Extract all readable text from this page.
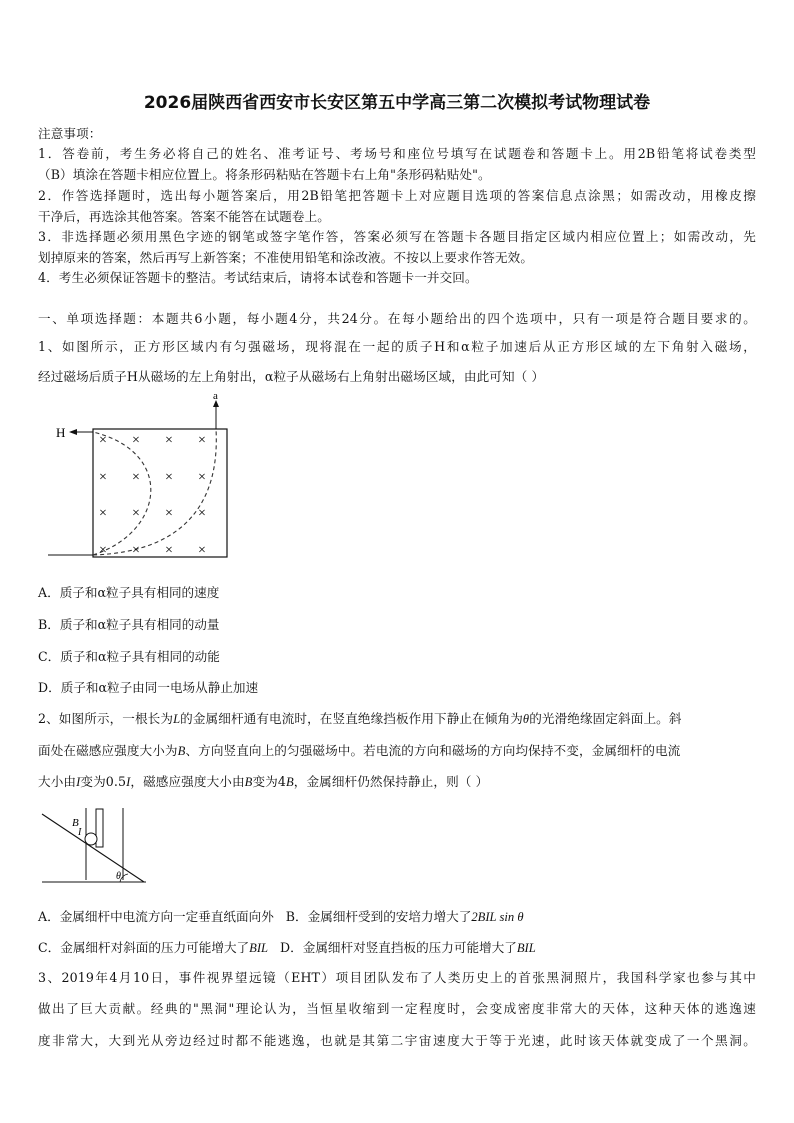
2026届陕西省西安市长安区第五中学高三第二次模拟考试物理试卷
注意事项：
1．答卷前，考生务必将自己的姓名、准考证号、考场号和座位号填写在试题卷和答题卡上。用2B铅笔将试卷类型
（B）填涂在答题卡相应位置上。将条形码粘贴在答题卡右上角"条形码粘贴处"。
2．作答选择题时，选出每小题答案后，用2B铅笔把答题卡上对应题目选项的答案信息点涂黑；如需改动，用橡皮擦
干净后，再选涂其他答案。答案不能答在试题卷上。
3．非选择题必须用黑色字迹的钢笔或签字笔作答，答案必须写在答题卡各题目指定区域内相应位置上；如需改动，先
划掉原来的答案，然后再写上新答案；不准使用铅笔和涂改液。不按以上要求作答无效。
4．考生必须保证答题卡的整洁。考试结束后，请将本试卷和答题卡一并交回。
一、单项选择题：本题共6小题，每小题4分，共24分。在每小题给出的四个选项中，只有一项是符合题目要求的。
1、如图所示，正方形区域内有匀强磁场，现将混在一起的质子H和α粒子加速后从正方形区域的左下角射入磁场，
经过磁场后质子H从磁场的左上角射出，α粒子从磁场右上角射出磁场区域，由此可知（ ）
H
a
× × × ×
× × × ×
× × × ×
× × × ×
A．质子和α粒子具有相同的速度
B．质子和α粒子具有相同的动量
C．质子和α粒子具有相同的动能
D．质子和α粒子由同一电场从静止加速
2、如图所示，一根长为L的金属细杆通有电流时，在竖直绝缘挡板作用下静止在倾角为θ的光滑绝缘固定斜面上。斜
面处在磁感应强度大小为B、方向竖直向上的匀强磁场中。若电流的方向和磁场的方向均保持不变，金属细杆的电流
大小由I变为0.5I，磁感应强度大小由B变为4B，金属细杆仍然保持静止，则（ ）
B
I
θ
A．金属细杆中电流方向一定垂直纸面向外 B．金属细杆受到的安培力增大了2BIL sin θ
C．金属细杆对斜面的压力可能增大了BIL D．金属细杆对竖直挡板的压力可能增大了BIL
3、2019年4月10日，事件视界望远镜（EHT）项目团队发布了人类历史上的首张黑洞照片，我国科学家也参与其中
做出了巨大贡献。经典的"黑洞"理论认为，当恒星收缩到一定程度时，会变成密度非常大的天体，这种天体的逃逸速
度非常大，大到光从旁边经过时都不能逃逸，也就是其第二宇宙速度大于等于光速，此时该天体就变成了一个黑洞。
